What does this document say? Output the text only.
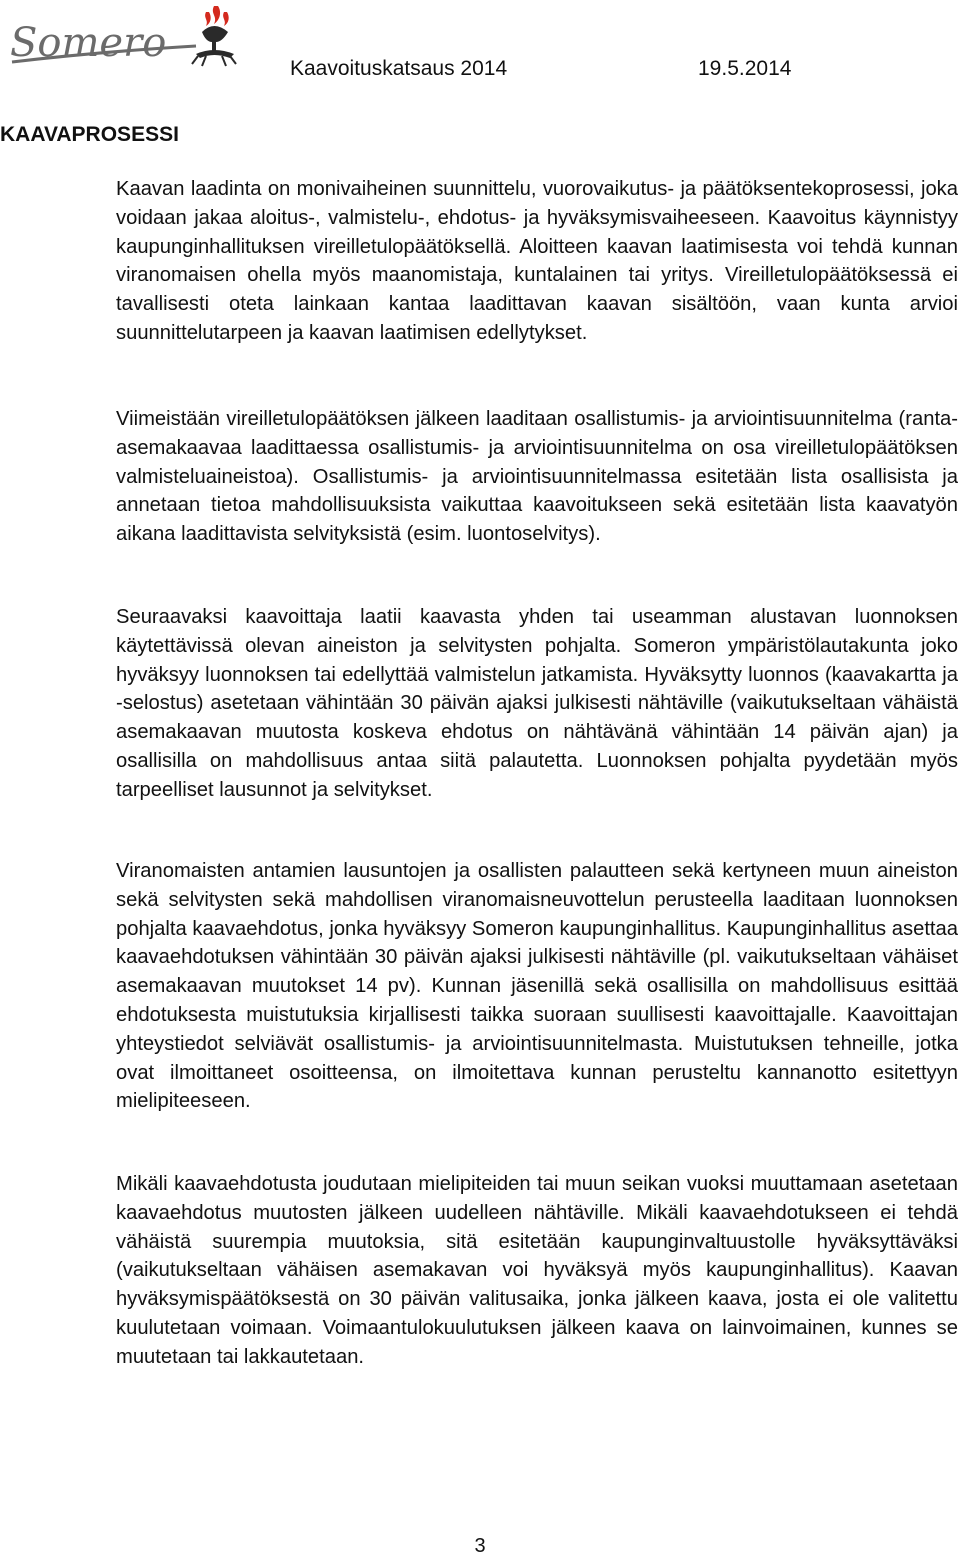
Somero
Kaavoituskatsaus 2014	19.5.2014
KAAVAPROSESSI

Kaavan laadinta on monivaiheinen suunnittelu, vuorovaikutus- ja päätöksentekoprosessi, joka voidaan jakaa aloitus-, valmistelu-, ehdotus- ja hyväksymisvaiheeseen. Kaavoitus käynnistyy kaupunginhallituksen vireilletulopäätöksellä. Aloitteen kaavan laatimisesta voi tehdä kunnan viranomaisen ohella myös maanomistaja, kuntalainen tai yritys. Vireilletulopäätöksessä ei tavallisesti oteta lainkaan kantaa laadittavan kaavan sisältöön, vaan kunta arvioi suunnittelutarpeen ja kaavan laatimisen edellytykset.

Viimeistään vireilletulopäätöksen jälkeen laaditaan osallistumis- ja arviointisuunnitelma (ranta-asemakaavaa laadittaessa osallistumis- ja arviointisuunnitelma on osa vireilletulopäätöksen valmisteluaineistoa). Osallistumis- ja arviointisuunnitelmassa esitetään lista osallisista ja annetaan tietoa mahdollisuuksista vaikuttaa kaavoitukseen sekä esitetään lista kaavatyön aikana laadittavista selvityksistä (esim. luontoselvitys).

Seuraavaksi kaavoittaja laatii kaavasta yhden tai useamman alustavan luonnoksen käytettävissä olevan aineiston ja selvitysten pohjalta. Someron ympäristölautakunta joko hyväksyy luonnoksen tai edellyttää valmistelun jatkamista. Hyväksytty luonnos (kaavakartta ja -selostus) asetetaan vähintään 30 päivän ajaksi julkisesti nähtäville (vaikutukseltaan vähäistä asemakaavan muutosta koskeva ehdotus on nähtävänä vähintään 14 päivän ajan) ja osallisilla on mahdollisuus antaa siitä palautetta. Luonnoksen pohjalta pyydetään myös tarpeelliset lausunnot ja selvitykset.

Viranomaisten antamien lausuntojen ja osallisten palautteen sekä kertyneen muun aineiston sekä selvitysten sekä mahdollisen viranomaisneuvottelun perusteella laaditaan luonnoksen pohjalta kaavaehdotus, jonka hyväksyy Someron kaupunginhallitus. Kaupunginhallitus asettaa kaavaehdotuksen vähintään 30 päivän ajaksi julkisesti nähtäville (pl. vaikutukseltaan vähäiset asemakaavan muutokset 14 pv). Kunnan jäsenillä sekä osallisilla on mahdollisuus esittää ehdotuksesta muistutuksia kirjallisesti taikka suoraan suullisesti kaavoittajalle. Kaavoittajan yhteystiedot selviävät osallistumis- ja arviointisuunnitelmasta. Muistutuksen tehneille, jotka ovat ilmoittaneet osoitteensa, on ilmoitettava kunnan perusteltu kannanotto esitettyyn mielipiteeseen.

Mikäli kaavaehdotusta joudutaan mielipiteiden tai muun seikan vuoksi muuttamaan asetetaan kaavaehdotus muutosten jälkeen uudelleen nähtäville. Mikäli kaavaehdotukseen ei tehdä vähäistä suurempia muutoksia, sitä esitetään kaupunginvaltuustolle hyväksyttäväksi (vaikutukseltaan vähäisen asemakavan voi hyväksyä myös kaupunginhallitus). Kaavan hyväksymispäätöksestä on 30 päivän valitusaika, jonka jälkeen kaava, josta ei ole valitettu kuulutetaan voimaan. Voimaantulokuulutuksen jälkeen kaava on lainvoimainen, kunnes se muutetaan tai lakkautetaan.

3
